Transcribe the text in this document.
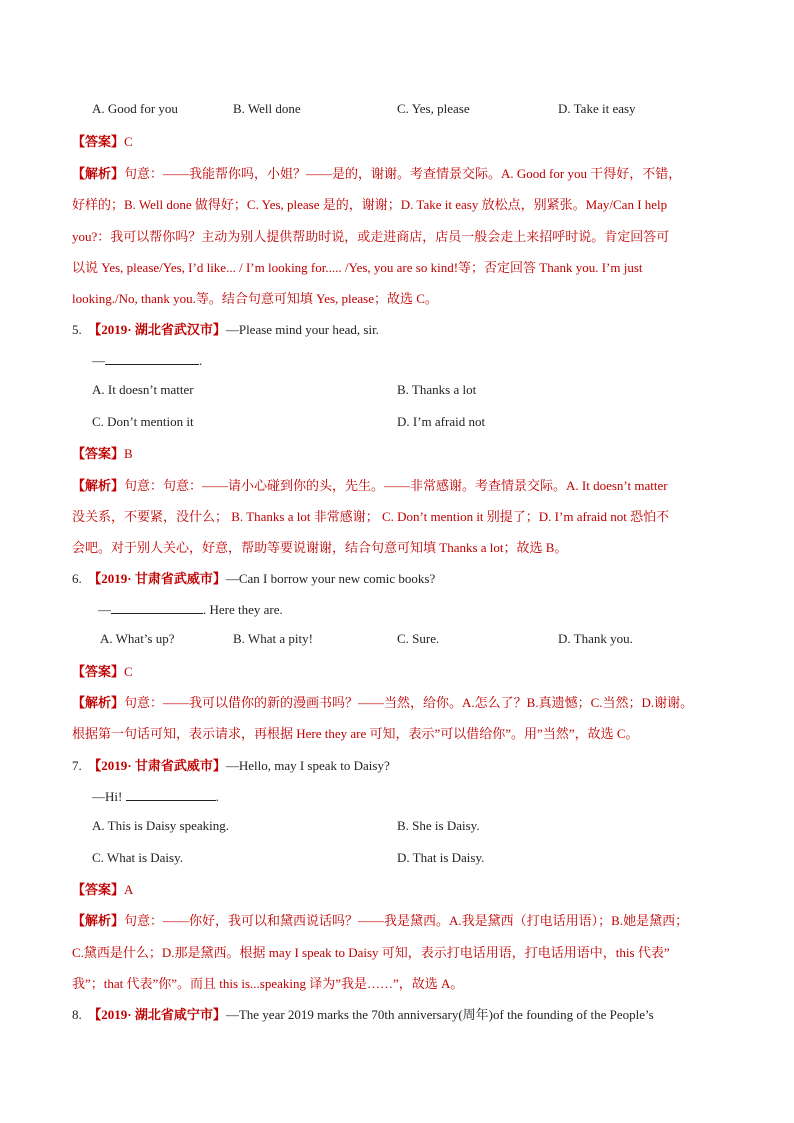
A. Good for you	B. Well done	C. Yes, please	D. Take it easy
【答案】C
【解析】句意：——我能帮你吗，小姐？——是的，谢谢。考查情景交际。A. Good for you 干得好，不错，
好样的；B. Well done 做得好；C. Yes, please 是的，谢谢；D. Take it easy 放松点，别紧张。May/Can I help
you?：我可以帮你吗？主动为别人提供帮助时说，或走进商店，店员一般会走上来招呼时说。肯定回答可
以说 Yes, please/Yes, I’d like... / I’m looking for..... /Yes, you are so kind!等；否定回答 Thank you. I’m just
looking./No, thank you.等。结合句意可知填 Yes, please；故选 C。
5. 【2019· 湖北省武汉市】—Please mind your head, sir.
—	.
A. It doesn’t matter	B. Thanks a lot
C. Don’t mention it	D. I’m afraid not
【答案】B
【解析】句意：句意：——请小心碰到你的头，先生。——非常感谢。考查情景交际。A. It doesn’t matter
没关系，不要紧，没什么； B. Thanks a lot 非常感谢； C. Don’t mention it 别提了；D. I’m afraid not 恐怕不
会吧。对于别人关心，好意，帮助等要说谢谢，结合句意可知填 Thanks a lot；故选 B。
6. 【2019· 甘肃省武威市】—Can I borrow your new comic books?
—	. Here they are.
A. What’s up?	B. What a pity!	C. Sure.	D. Thank you.
【答案】C
【解析】句意：——我可以借你的新的漫画书吗？——当然，给你。A.怎么了？B.真遗憾；C.当然；D.谢谢。
根据第一句话可知，表示请求，再根据 Here they are 可知，表示”可以借给你”。用”当然”，故选 C。
7. 【2019· 甘肃省武威市】—Hello, may I speak to Daisy?
—Hi!	.
A. This is Daisy speaking.	B. She is Daisy.
C. What is Daisy.	D. That is Daisy.
【答案】A
【解析】句意：——你好，我可以和黛西说话吗？——我是黛西。A.我是黛西（打电话用语）；B.她是黛西；
C.黛西是什么；D.那是黛西。根据 may I speak to Daisy 可知，表示打电话用语，打电话用语中，this 代表”
我”；that 代表”你”。而且 this is...speaking 译为”我是……”，故选 A。
8. 【2019· 湖北省咸宁市】—The year 2019 marks the 70th anniversary(周年)of the founding of the People’s
